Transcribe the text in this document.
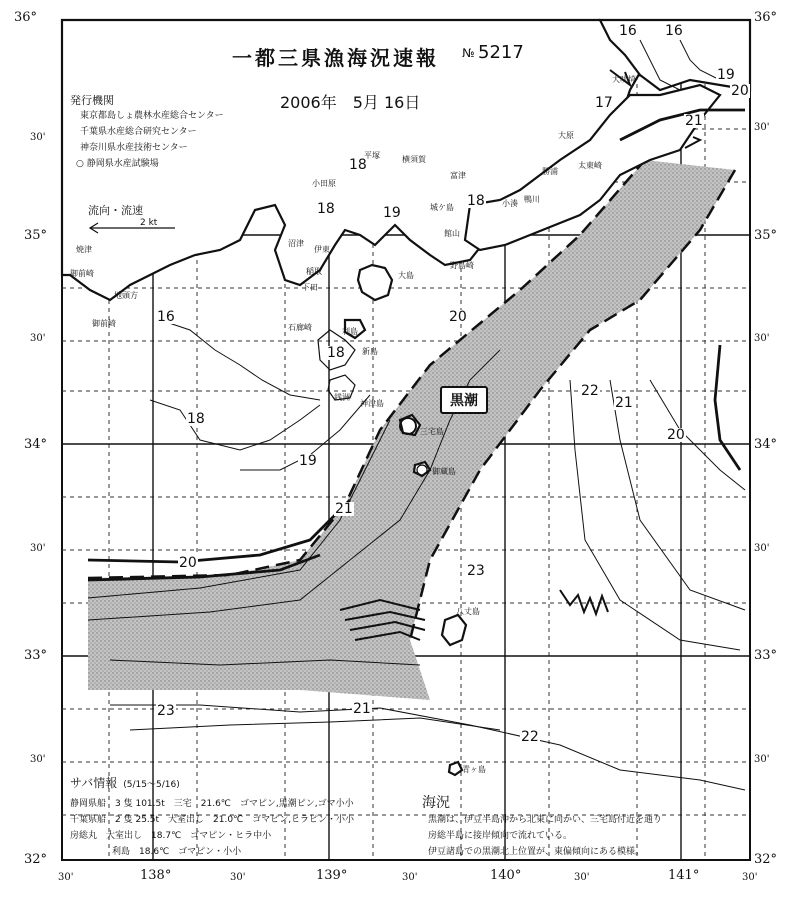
一都三県漁海況速報 № 5217
2006年　5月 16日
発行機関
東京都島しょ農林水産総合センター
千葉県水産総合研究センター
神奈川県水産技術センター
○ 静岡県水産試験場
流向・流速
2 kt
黒潮
36°	36°
30'
30'
35°	35°
30'	30'
34°	34°
30'	30'
33°	33°
30'	30'
32°	32°
30'	138°	30'	139°	30'	140°	30'	141°	30'
16 16
19
20
17
21
18
18	19
18
16	20
18
18
19
21
22
21
20
20	23
23	21
22
平塚	横須賀
小田原
富津
大原
小湊
館山
鴨川
勝浦
野島崎
犬吠埼
太東崎
沼津
伊東
稲取
下田
石廊崎
御前崎
焼津
大島
利島
新島
神津島
三宅島
御蔵島
八丈島
青ヶ島
銭洲
城ケ島
地頭方
御前崎
サバ情報 (5/15～5/16)
静岡県船　 3 隻 101.5t　三宅　21.6℃　ゴマピン,黒潮ピン,ゴマ小小
千葉県船　 2 隻 25.5t　大室出し　21.0℃　ゴマピン,ヒラピン・小小
房総丸　 大室出し　18.7℃　ゴマピン・ヒラ中小
利島　 18.6℃　ゴマピン・小小
海況
黒潮は、伊豆半島沖から北東に向かい、三宅島付近を通り
房総半島に接岸傾向で流れている。
伊豆諸島での黒潮北上位置が、東偏傾向にある模様。
